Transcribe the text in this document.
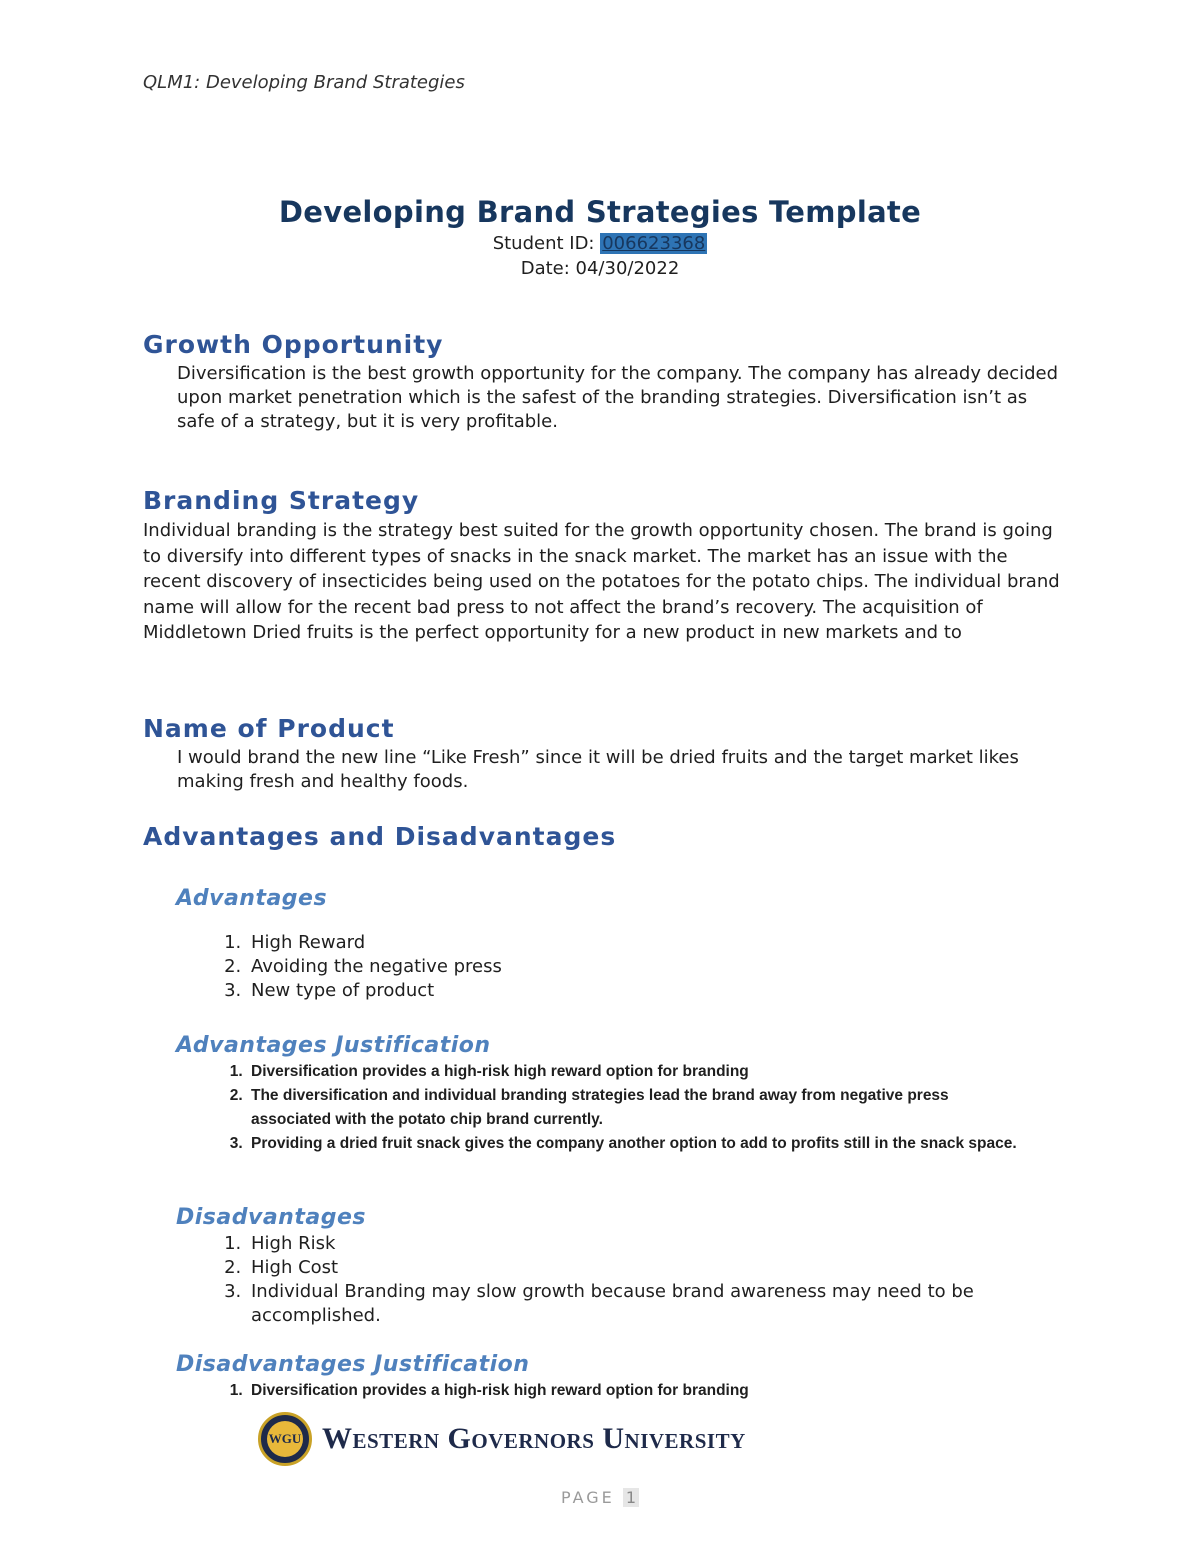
QLM1: Developing Brand Strategies
Developing Brand Strategies Template
Student ID: 006623368
Date: 04/30/2022
Growth Opportunity

Diversification is the best growth opportunity for the company. The company has already decided upon market penetration which is the safest of the branding strategies. Diversification isn’t as safe of a strategy, but it is very profitable.

Branding Strategy

Individual branding is the strategy best suited for the growth opportunity chosen. The brand is going to diversify into different types of snacks in the snack market. The market has an issue with the recent discovery of insecticides being used on the potatoes for the potato chips. The individual brand name will allow for the recent bad press to not affect the brand’s recovery. The acquisition of Middletown Dried fruits is the perfect opportunity for a new product in new markets and to

Name of Product

I would brand the new line “Like Fresh” since it will be dried fruits and the target market likes making fresh and healthy foods.

Advantages and Disadvantages
Advantages
1. High Reward
2. Avoiding the negative press
3. New type of product
Advantages Justification
1. Diversification provides a high-risk high reward option for branding
2. The diversification and individual branding strategies lead the brand away from negative press associated with the potato chip brand currently.
3. Providing a dried fruit snack gives the company another option to add to profits still in the snack space.
Disadvantages
1. High Risk
2. High Cost
3. Individual Branding may slow growth because brand awareness may need to be accomplished.
Disadvantages Justification
1. Diversification provides a high-risk high reward option for branding
WGU Western Governors University
PAGE 1
